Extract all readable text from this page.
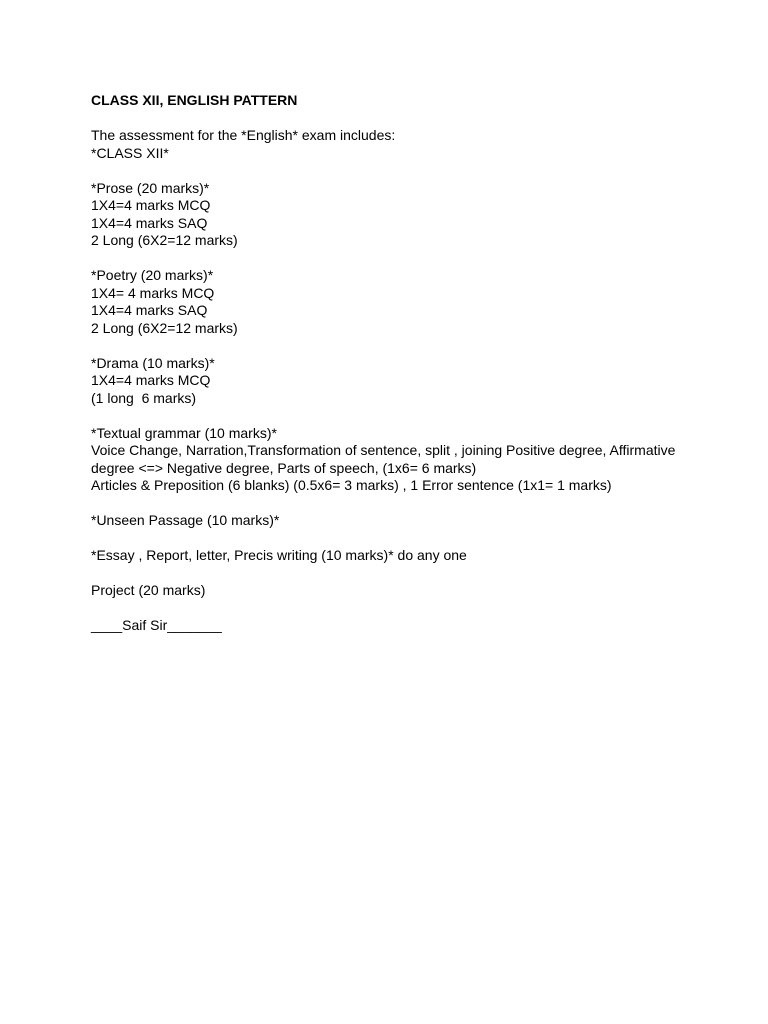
CLASS XII, ENGLISH PATTERN

The assessment for the *English* exam includes:

*CLASS XII*

*Prose (20 marks)*

1X4=4 marks MCQ

1X4=4 marks SAQ

2 Long (6X2=12 marks)

*Poetry (20 marks)*

1X4= 4 marks MCQ

1X4=4 marks SAQ

2 Long (6X2=12 marks)

*Drama (10 marks)*

1X4=4 marks MCQ

(1 long  6 marks)

*Textual grammar (10 marks)*

Voice Change, Narration,Transformation of sentence, split , joining Positive degree, Affirmative

degree <=> Negative degree, Parts of speech, (1x6= 6 marks)

Articles & Preposition (6 blanks) (0.5x6= 3 marks) , 1 Error sentence (1x1= 1 marks)

*Unseen Passage (10 marks)*

*Essay , Report, letter, Precis writing (10 marks)* do any one

Project (20 marks)

____Saif Sir_______
